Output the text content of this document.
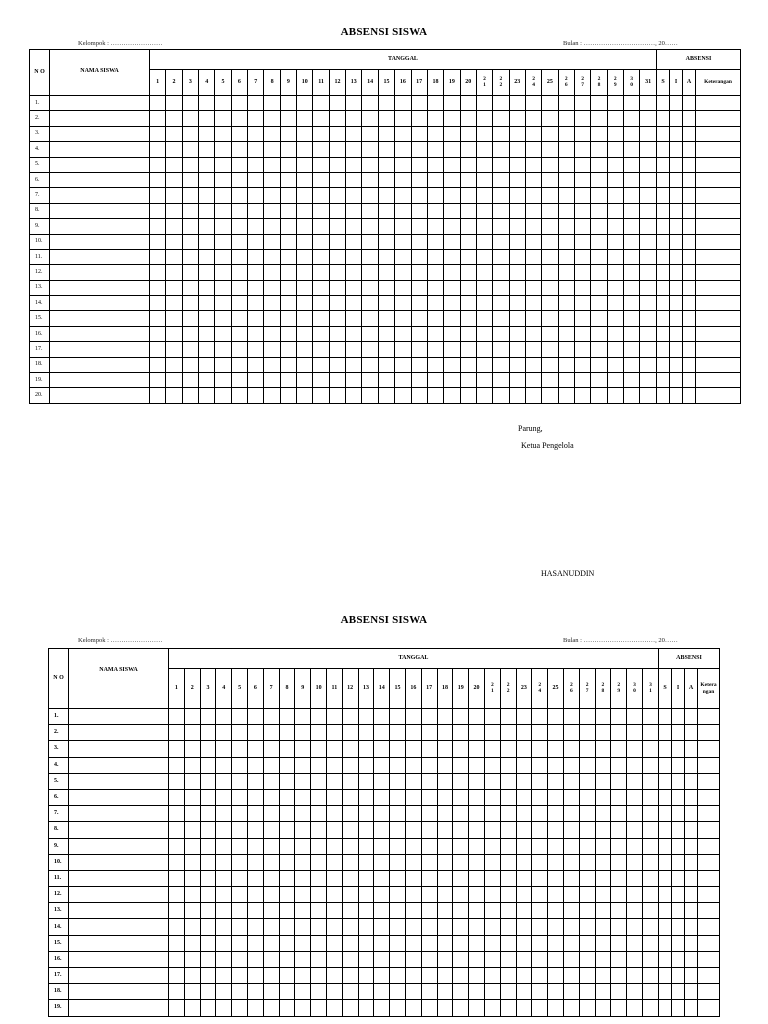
ABSENSI SISWA
Kelompok : ……………………	Bulan : ……………………………, 20……
N O	NAMA SISWA	TANGGAL																															ABSENSI			
		1	2	3	4	5	6	7	8	9	10	11	12	13	14	15	16	17	18	19	20	2 1	2 2	23	2 4	25	2 6	2 7	2 8	2 9	3 0	31	S	I	A	Keterangan
1.																																				
2.																																				
3.																																				
4.																																				
5.																																				
6.																																				
7.																																				
8.																																				
9.																																				
10.																																				
11.																																				
12.																																				
13.																																				
14.																																				
15.																																				
16.																																				
17.																																				
18.																																				
19.																																				
20.																																				
Parung,
Ketua Pengelola
HASANUDDIN
ABSENSI SISWA
Kelompok : ……………………	Bulan : ……………………………, 20……
N O	NAMA SISWA	TANGGAL																															ABSENSI			
		1	2	3	4	5	6	7	8	9	10	11	12	13	14	15	16	17	18	19	20	2 1	2 2	23	2 4	25	2 6	2 7	2 8	2 9	3 0	3 1	S	I	A	Keterangan
1.																																				
2.																																				
3.																																				
4.																																				
5.																																				
6.																																				
7.																																				
8.																																				
9.																																				
10.																																				
11.																																				
12.																																				
13.																																				
14.																																				
15.																																				
16.																																				
17.																																				
18.																																				
19.																																				
